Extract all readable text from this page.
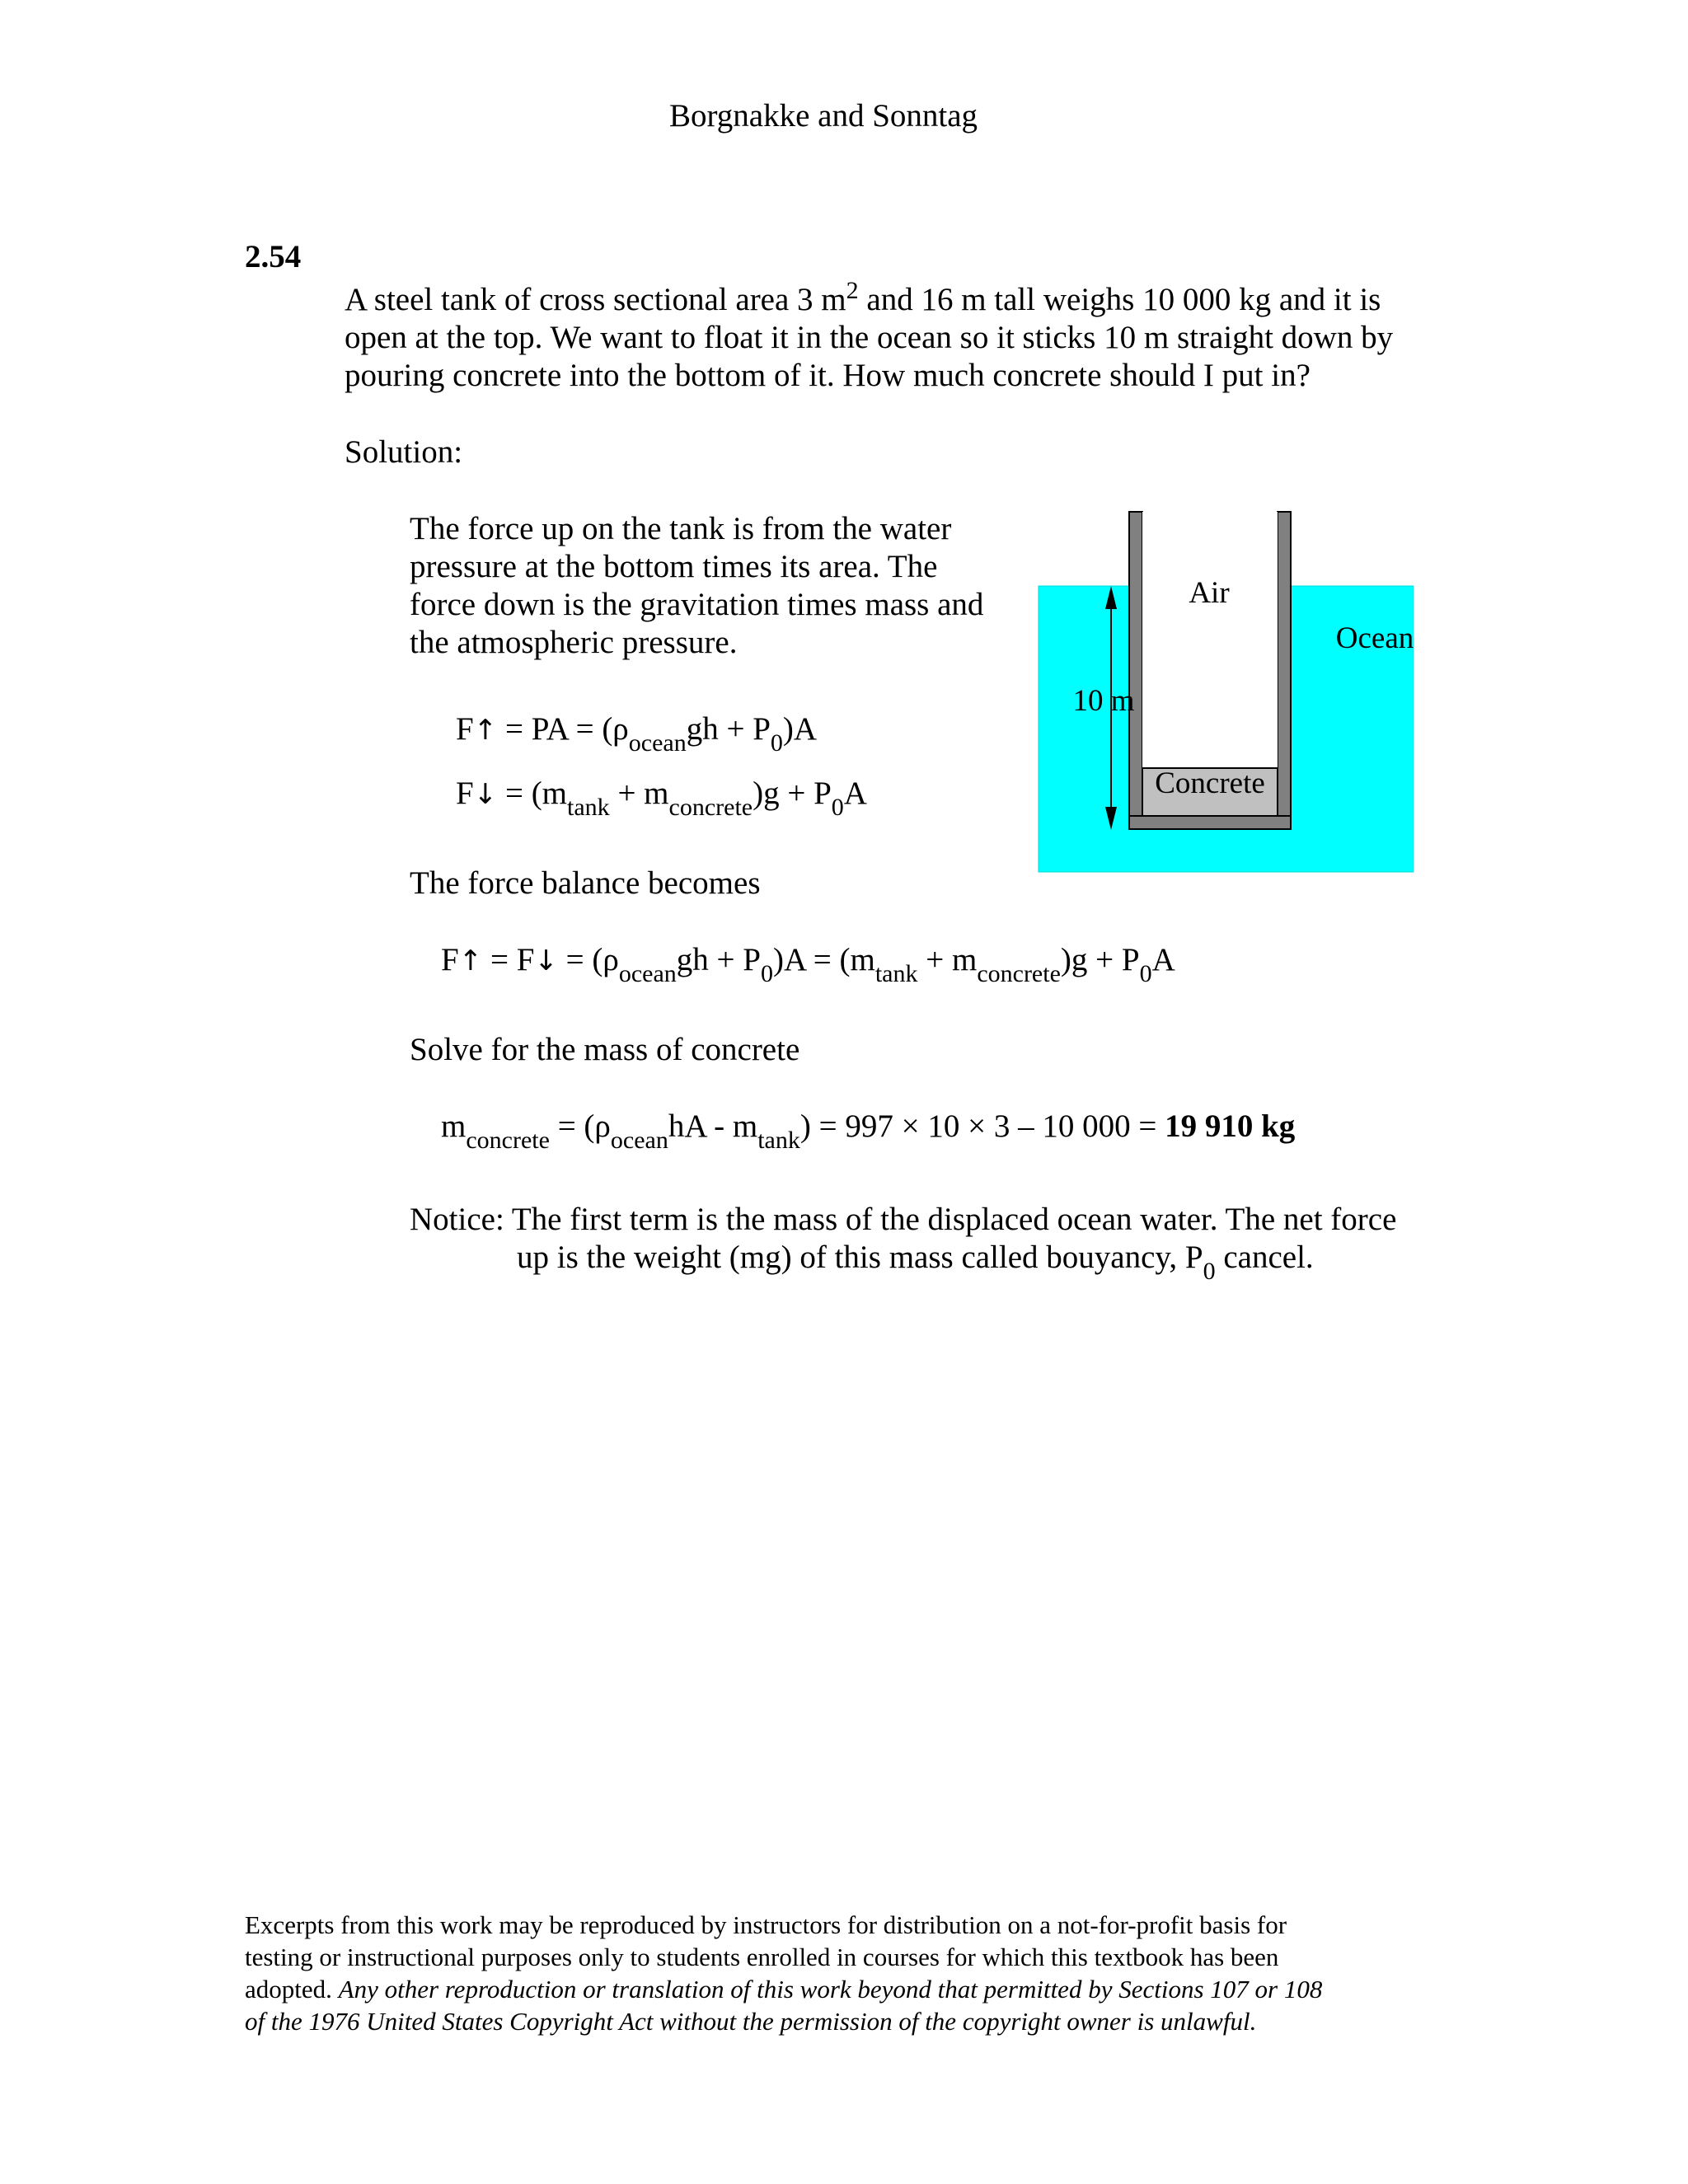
Borgnakke and Sonntag
2.54
A steel tank of cross sectional area 3 $m^2$ and 16 m tall weighs 10 000 kg and it is
open at the top. We want to float it in the ocean so it sticks 10 m straight down by
pouring concrete into the bottom of it. How much concrete should I put in?
Solution:
The force up on the tank is from the water
pressure at the bottom times its area. The
force down is the gravitation times mass and
the atmospheric pressure.
Air
Ocean
10 m
Concrete
F↑ = PA = $(\rho_{ocean}gh + P_0)A$
F↓ = $(m_{tank} + m_{concrete})g + P_0A$
The force balance becomes
F↑ = F↓ = $(\rho_{ocean}gh + P_0)A = (m_{tank} + m_{concrete})g + P_0A$
Solve for the mass of concrete
$m_{concrete} = (\rho_{ocean}hA - m_{tank}) = 997 \times 10 \times 3 - 10$ 000 = 19 910 kg
Notice: The first term is the mass of the displaced ocean water. The net force
up is the weight (mg) of this mass called bouyancy, $P_0$ cancel.
Excerpts from this work may be reproduced by instructors for distribution on a not-for-profit basis for
testing or instructional purposes only to students enrolled in courses for which this textbook has been
adopted. Any other reproduction or translation of this work beyond that permitted by Sections 107 or 108
of the 1976 United States Copyright Act without the permission of the copyright owner is unlawful.
